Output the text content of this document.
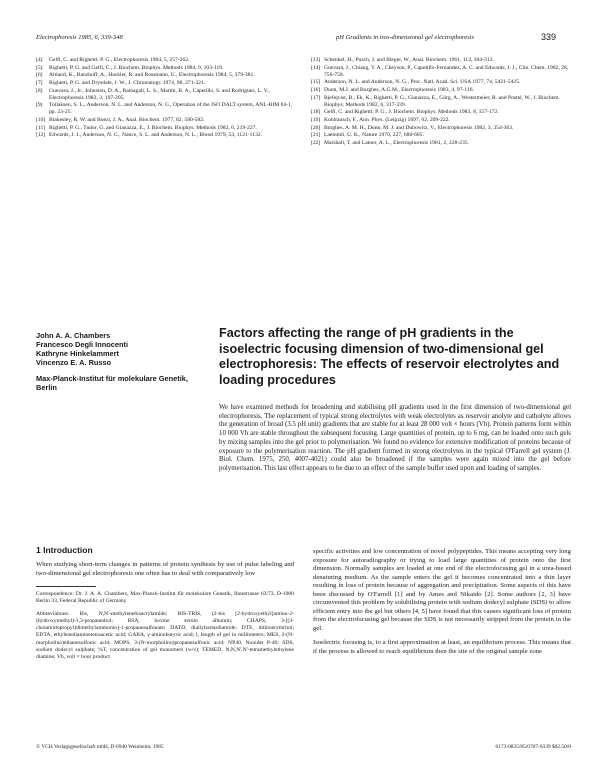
Electrophoresis 1985, 6, 339-348	pH Gradients in two-dimensional gel electrophoresis	339
[4] Gelfi, C. and Righetti, P. G., Electrophoresis 1984, 5, 257-262.
[5] Righetti, P. G. and Gelfi, C., J. Biochem. Biophys. Methods 1984, 9, 103-119.
[6] Altland, K., Banzhoff, A., Hackler, R. and Rossmann, U., Electrophoresis 1984, 5, 379-381.
[7] Righetti, P. G. and Drysdale, J. W., J. Chromatogr. 1974, 98, 271-321.
[8] Guevara, J., Jr., Johnston, D. A., Ramagali, L. S., Martin, B. A., Capetillo, S. and Rodriguez, L. V., Electrophoresis 1982, 3, 197-205.
[9] Tollaksen, S. L., Anderson, N. L. and Anderson, N. G., Operation of the ISO DALT system, ANL-BIM 84-1, pp. 23-25.
[10] Blakesley, R. W. and Boezi, J. A., Anal. Biochem. 1977, 82, 580-582.
[11] Righetti, P. G., Tudor, G. and Gianazza, E., J. Biochem. Biophys. Methods 1982, 6, 219-227.
[12] Edwards, J. J., Anderson, N. G., Nance, S. L. and Anderson, N. L., Blood 1979, 53, 1121-1132.
[13] Schenkel, H., Pusch, J. and Bleger, W., Anal. Biochem. 1961, 112, 304-313.
[14] Guevara, J., Chiang, Y. A., Cheyson, P., Capetillo-Fernandez, A. C. and Edwards, J. J., Clin. Chem. 1982, 28, 756-758.
[15] Anderson, N. L. and Anderson, N. G., Proc. Natl. Acad. Sci. USA 1977, 74, 5421-5425.
[16] Dunn, M.J. and Burghes, A.G.M., Electrophoresis 1983, 4, 97-116.
[17] Bjellqvist, B., Ek, K., Righetti, P. G., Gianazza, E., Görg, A., Westermeier, R. and Postel, W., J. Biochem. Biophys. Methods 1982, 6, 317-339.
[18] Gelfi, C. and Righetti, P. G., J. Biochem. Biophys. Methods 1983, 8, 157-172.
[19] Kohlrausch, F., Ann. Phys. (Leipzig) 1897, 62, 209-222.
[20] Burghes, A. M. H., Dunn, M. J. and Dubowitz, V., Electrophoresis 1982, 3, 354-363.
[21] Laemmli, U. K., Nature 1970, 227, 680-685.
[22] Marshall, T. and Latner, A. L., Electrophoresis 1981, 2, 228-235.
John A. A. Chambers
Francesco Degli Innocenti
Kathryne Hinkelammert
Vincenzo E. A. Russo
Max-Planck-Institut für molekulare Genetik, Berlin
Factors affecting the range of pH gradients in the isoelectric focusing dimension of two-dimensional gel electrophoresis: The effects of reservoir electrolytes and loading procedures
We have examined methods for broadening and stabilising pH gradients used in the first dimension of two-dimensional gel electrophoresis. The replacement of typical strong electrolytes with weak electrolytes as reservoir anolyte and catholyte allows the generation of broad (3.5 pH unit) gradients that are stable for at least 28 000 volt × hours (Vh). Protein patterns form within 10 000 Vh are stable throughout the subsequent focusing. Large quantities of protein, up to 6 mg, can be loaded onto such gels by mixing samples into the gel prior to polymerisation. We found no evidence for extensive modification of proteins because of exposure to the polymerisation reaction. The pH gradient formed in strong electrolytes in the typical O'Farrell gel system (J. Biol. Chem. 1975, 250, 4007-4021) could also be broadened if the samples were again mixed into the gel before polymerisation. This last effect appears to be due to an effect of the sample buffer used upon and loading of samples.
1 Introduction
When studying short-term changes in patterns of protein synthesis by use of pulse labeling and two-dimensional gel electrophoresis one often has to deal with comparatively low
Correspondence: Dr. J. A. A. Chambers, Max-Planck-Institut für molekulare Genetik, Ihnestrasse 63/73, D-1000 Berlin 33, Federal Republic of Germany
Abbreviations: Bis, N,N'-methylenebisacrylamide; BIS-TRIS, (2-bis [2-hydroxyethyl]amino-2-(hydroxymethyl)-1,3-propanediol; BSA, bovine serum albumin; CHAPS, 3-[(3-cholamidopropyl)dimethylammonio]-1-propanesulfonate; DATD, diallyltartardiamide; DTE, dithioerythritol; EDTA, ethylenediaminetetraacetic acid; GABA, γ-aminobutyric acid; l, length of gel in millimeters; MES, 2-(N-morpholino)ethanesulfonic acid; MOPS, 3-(N-morpholino)propanesulfonic acid; NP40, Nonidet P-40; SDS, sodium dodecyl sulphate; %T, concentration of gel monomers (w/v); TEMED, N,N,N',N'-tetramethylethylene diamine; Vh, volt × hour product
specific activities and low concentration of novel polypeptides. This means accepting very long exposure for autoradiography or trying to load large quantities of protein onto the first dimension. Normally samples are loaded at one end of the electrofocusing gel in a urea-based denaturing medium. As the sample enters the gel it becomes concentrated into a thin layer resulting in loss of protein because of aggregation and precipitation. Some aspects of this have been discussed by O'Farrell [1] and by Ames and Nikaido [2]. Some authors [2, 3] have circumvented this problem by solubilising protein with sodium dodecyl sulphate (SDS) to allow efficient entry into the gel but others [4, 5] have found that this causes significant loss of protein from the electrofocusing gel because the SDS is not necessarily stripped from the protein in the gel.
Isoelectric focusing is, to a first approximation at least, an equilibrium process. This means that if the process is allowed to reach equilibrium then the site of the original sample zone
© VCH Verlagsgesellschaft mbH, D-6940 Weinheim, 1985	0173-0835/85/0707-0339 $02.50/0
